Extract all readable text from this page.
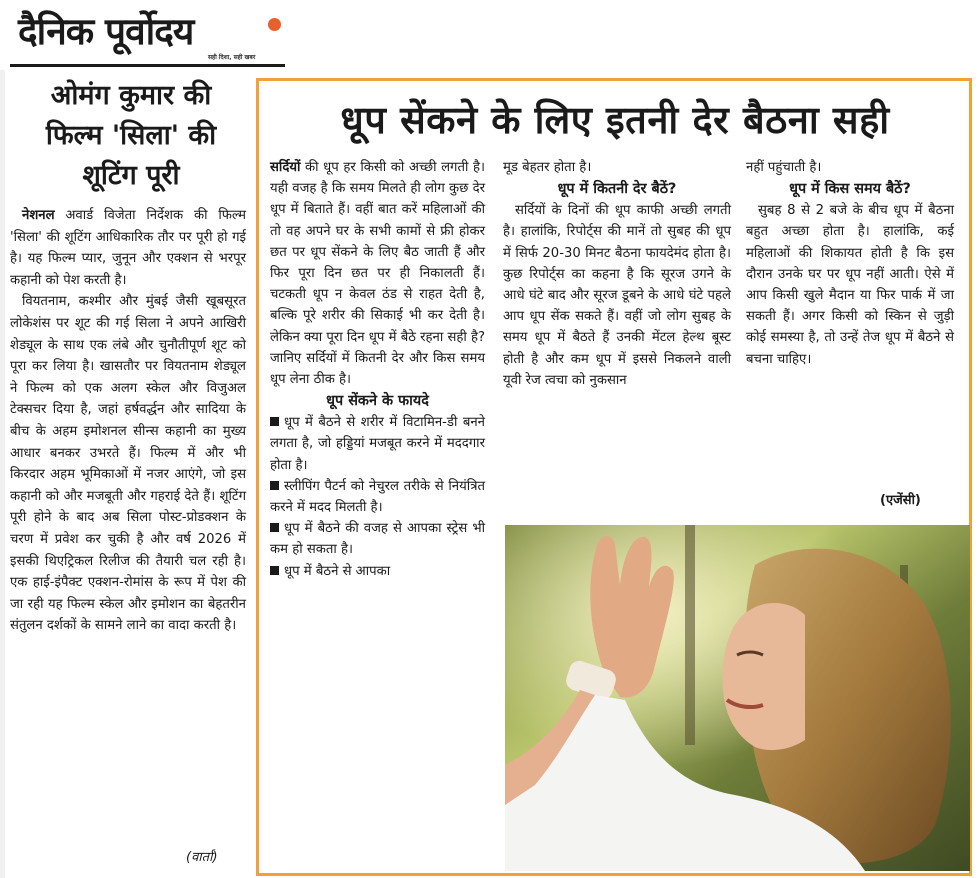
दैनिक पूर्वोदय
सही दिशा, सही खबर
ओमंग कुमार की फिल्म 'सिला' की शूटिंग पूरी

नेशनल अवार्ड विजेता निर्देशक की फिल्म 'सिला' की शूटिंग आधिकारिक तौर पर पूरी हो गई है। यह फिल्म प्यार, जुनून और एक्शन से भरपूर कहानी को पेश करती है।

वियतनाम, कश्मीर और मुंबई जैसी खूबसूरत लोकेशंस पर शूट की गई सिला ने अपने आखिरी शेड्यूल के साथ एक लंबे और चुनौतीपूर्ण शूट को पूरा कर लिया है। खासतौर पर वियतनाम शेड्यूल ने फिल्म को एक अलग स्केल और विजुअल टेक्सचर दिया है, जहां हर्षवर्द्धन और सादिया के बीच के अहम इमोशनल सीन्स कहानी का मुख्य आधार बनकर उभरते हैं। फिल्म में और भी किरदार अहम भूमिकाओं में नजर आएंगे, जो इस कहानी को और मजबूती और गहराई देते हैं। शूटिंग पूरी होने के बाद अब सिला पोस्ट-प्रोडक्शन के चरण में प्रवेश कर चुकी है और वर्ष 2026 में इसकी थिएट्रिकल रिलीज की तैयारी चल रही है। एक हाई-इंपैक्ट एक्शन-रोमांस के रूप में पेश की जा रही यह फिल्म स्केल और इमोशन का बेहतरीन संतुलन दर्शकों के सामने लाने का वादा करती है।

(वार्ता)
धूप सेंकने के लिए इतनी देर बैठना सही

सर्दियों की धूप हर किसी को अच्छी लगती है। यही वजह है कि समय मिलते ही लोग कुछ देर धूप में बिताते हैं। वहीं बात करें महिलाओं की तो वह अपने घर के सभी कामों से फ्री होकर छत पर धूप सेंकने के लिए बैठ जाती हैं और फिर पूरा दिन छत पर ही निकालती हैं। चटकती धूप न केवल ठंड से राहत देती है, बल्कि पूरे शरीर की सिकाई भी कर देती है। लेकिन क्या पूरा दिन धूप में बैठे रहना सही है? जानिए सर्दियों में कितनी देर और किस समय धूप लेना ठीक है।

धूप सेंकने के फायदे

धूप में बैठने से शरीर में विटामिन-डी बनने लगता है, जो हड्डियां मजबूत करने में मददगार होता है।

स्लीपिंग पैटर्न को नेचुरल तरीके से नियंत्रित करने में मदद मिलती है।

धूप में बैठने की वजह से आपका स्ट्रेस भी कम हो सकता है।

धूप में बैठने से आपका

मूड बेहतर होता है।

धूप में कितनी देर बैठें?

सर्दियों के दिनों की धूप काफी अच्छी लगती है। हालांकि, रिपोर्ट्स की मानें तो सुबह की धूप में सिर्फ 20-30 मिनट बैठना फायदेमंद होता है। कुछ रिपोर्ट्स का कहना है कि सूरज उगने के आधे घंटे बाद और सूरज डूबने के आधे घंटे पहले आप धूप सेंक सकते हैं। वहीं जो लोग सुबह के समय धूप में बैठते हैं उनकी मेंटल हेल्थ बूस्ट होती है और कम धूप में इससे निकलने वाली यूवी रेज त्वचा को नुकसान

नहीं पहुंचाती है।

धूप में किस समय बैठें?

सुबह 8 से 2 बजे के बीच धूप में बैठना बहुत अच्छा होता है। हालांकि, कई महिलाओं की शिकायत होती है कि इस दौरान उनके घर पर धूप नहीं आती। ऐसे में आप किसी खुले मैदान या फिर पार्क में जा सकती हैं। अगर किसी को स्किन से जुड़ी कोई समस्या है, तो उन्हें तेज धूप में बैठने से बचना चाहिए।

(एजेंसी)
